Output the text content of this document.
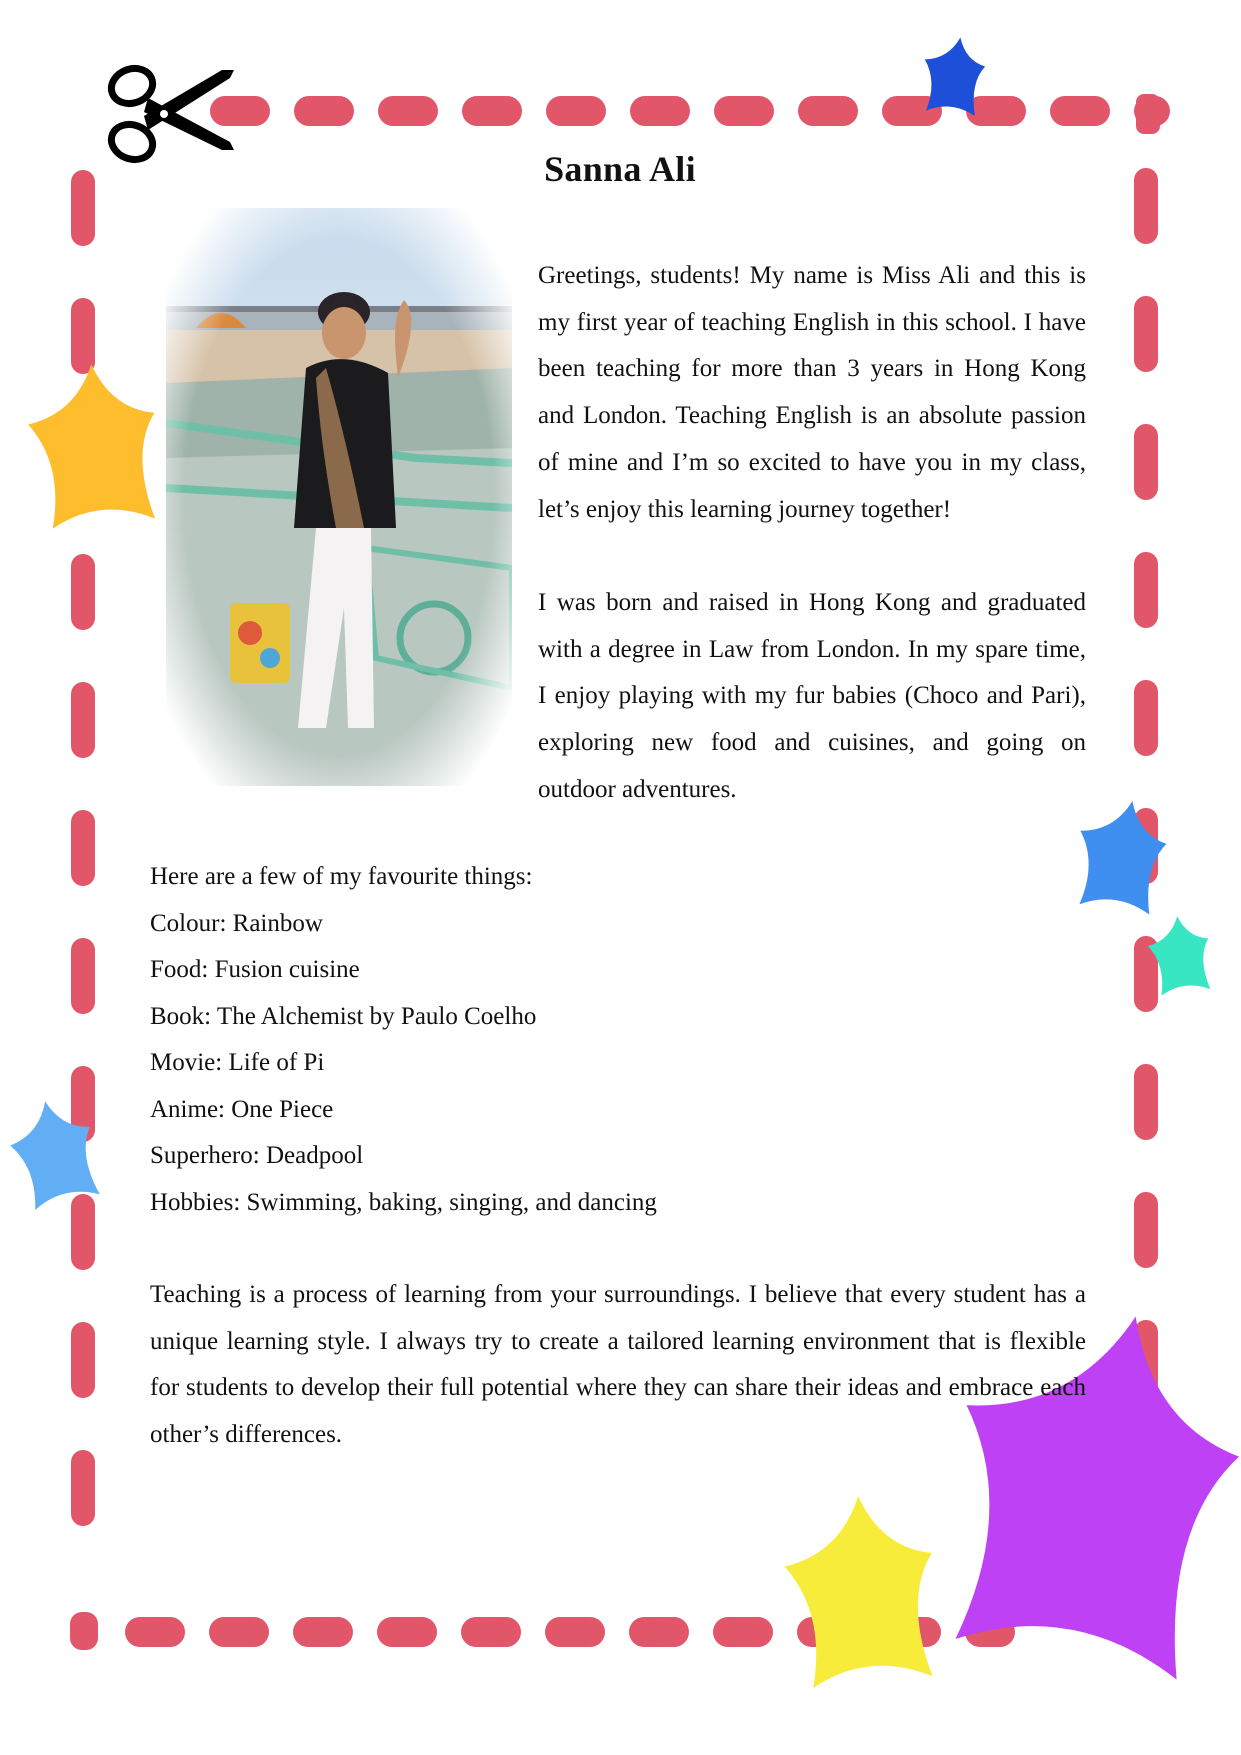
Sanna Ali

Greetings, students! My name is Miss Ali and this is my first year of teaching English in this school. I have been teaching for more than 3 years in Hong Kong and London. Teaching English is an absolute passion of mine and I’m so excited to have you in my class, let’s enjoy this learning journey together!

I was born and raised in Hong Kong and graduated with a degree in Law from London. In my spare time, I enjoy playing with my fur babies (Choco and Pari), exploring new food and cuisines, and going on outdoor adventures.

Here are a few of my favourite things:
Colour: Rainbow
Food: Fusion cuisine
Book: The Alchemist by Paulo Coelho
Movie: Life of Pi
Anime: One Piece
Superhero: Deadpool
Hobbies: Swimming, baking, singing, and dancing

Teaching is a process of learning from your surroundings. I believe that every student has a unique learning style. I always try to create a tailored learning environment that is flexible for students to develop their full potential where they can share their ideas and embrace each other’s differences.
